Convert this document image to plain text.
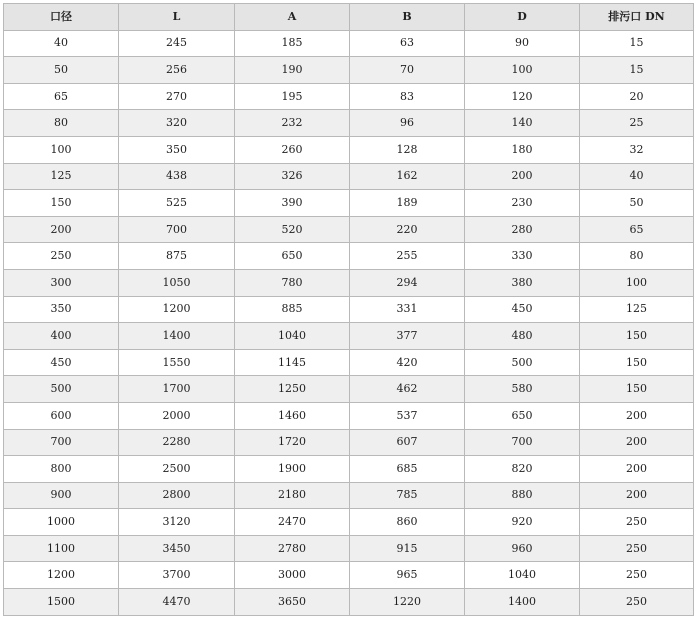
口径	L	A	B	D	排污口 DN
40	245	185	63	90	15
50	256	190	70	100	15
65	270	195	83	120	20
80	320	232	96	140	25
100	350	260	128	180	32
125	438	326	162	200	40
150	525	390	189	230	50
200	700	520	220	280	65
250	875	650	255	330	80
300	1050	780	294	380	100
350	1200	885	331	450	125
400	1400	1040	377	480	150
450	1550	1145	420	500	150
500	1700	1250	462	580	150
600	2000	1460	537	650	200
700	2280	1720	607	700	200
800	2500	1900	685	820	200
900	2800	2180	785	880	200
1000	3120	2470	860	920	250
1100	3450	2780	915	960	250
1200	3700	3000	965	1040	250
1500	4470	3650	1220	1400	250
